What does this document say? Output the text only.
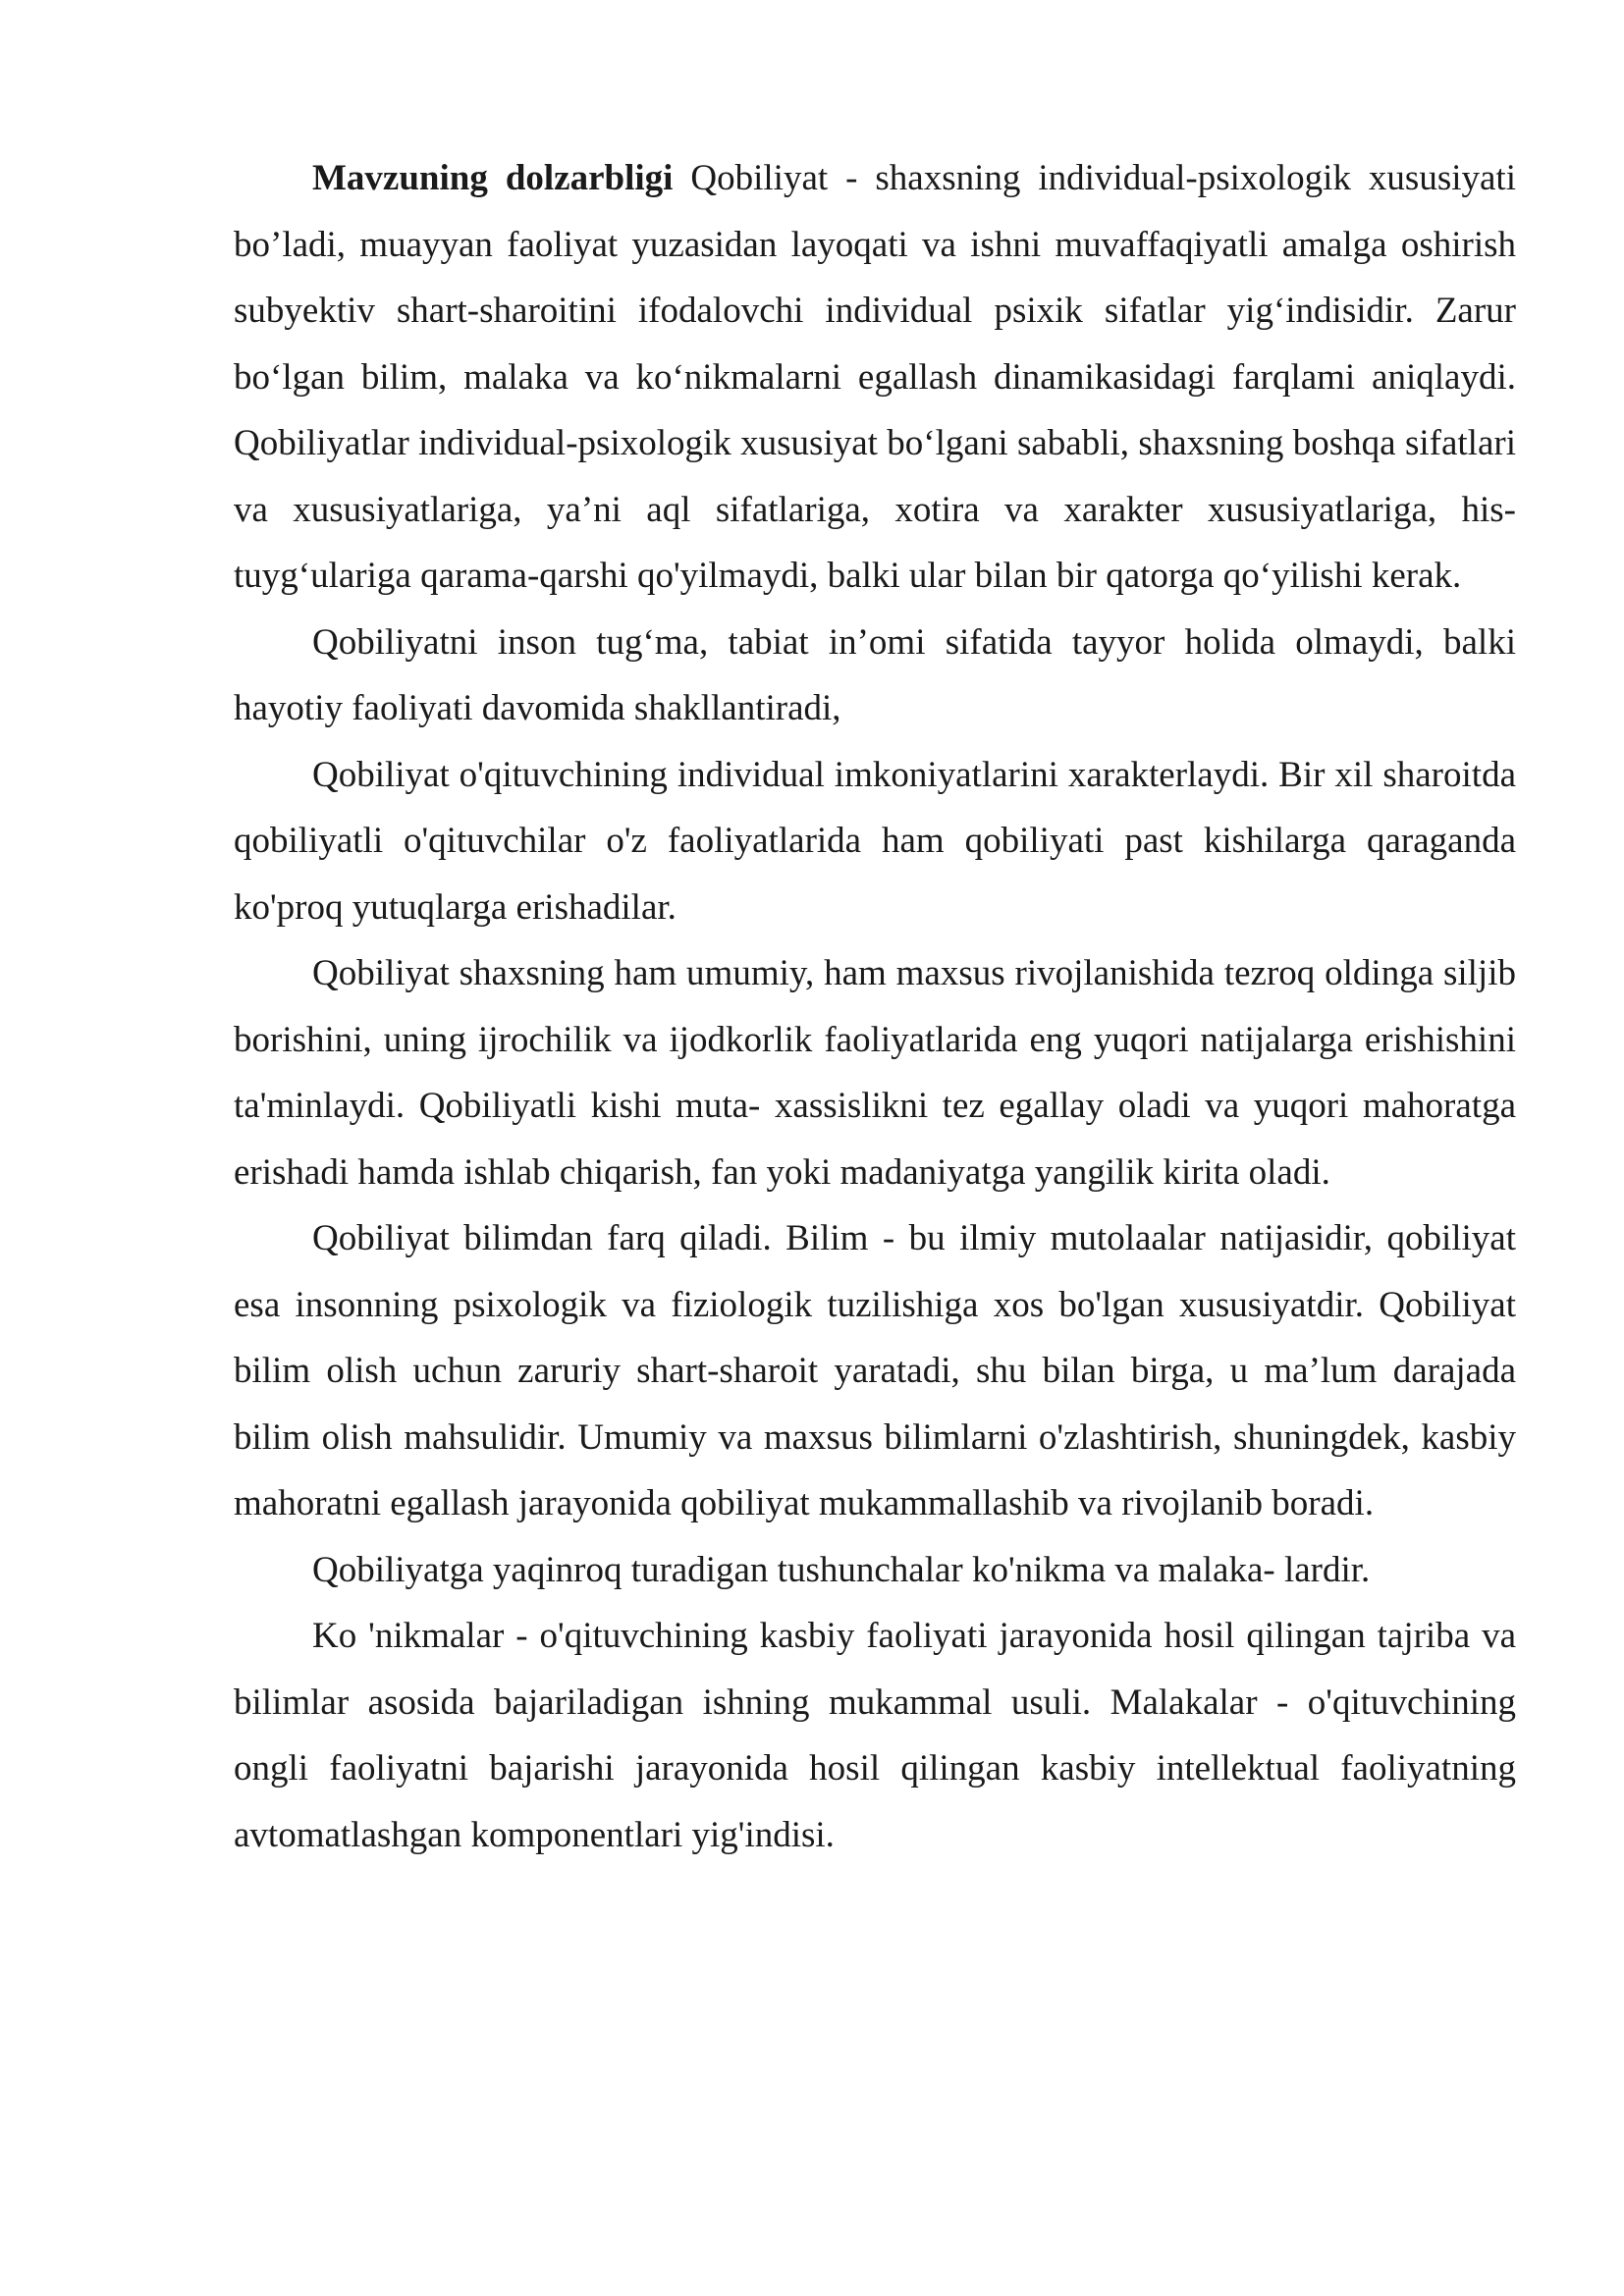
Mavzuning dolzarbligi Qobiliyat - shaxsning individual-psixologik xususiyati bo’ladi, muayyan faoliyat yuzasidan layoqati va ishni muvaffaqiyatli amalga oshirish subyektiv shart-sharoitini ifodalovchi individual psixik sifatlar yig‘indisidir. Zarur bo‘lgan bilim, malaka va ko‘nikmalarni egallash dinamikasidagi farqlami aniqlaydi. Qobiliyatlar individual-psixologik xususiyat bo‘lgani sababli, shaxsning boshqa sifatlari va xususiyatlariga, ya’ni aql sifatlariga, xotira va xarakter xususiyatlariga, his-tuyg‘ulariga qarama-qarshi qo'yilmaydi, balki ular bilan bir qatorga qo‘yilishi kerak.

Qobiliyatni inson tug‘ma, tabiat in’omi sifatida tayyor holida olmaydi, balki hayotiy faoliyati davomida shakllantiradi,

Qobiliyat o'qituvchining individual imkoniyatlarini xarakterlaydi. Bir xil sharoitda qobiliyatli o'qituvchilar o'z faoliyatlarida ham qobiliyati past kishilarga qaraganda ko'proq yutuqlarga erishadilar.

Qobiliyat shaxsning ham umumiy, ham maxsus rivojlanishida tezroq oldinga siljib borishini, uning ijrochilik va ijodkorlik faoliyatlarida eng yuqori natijalarga erishishini ta'minlaydi. Qobiliyatli kishi muta- xassislikni tez egallay oladi va yuqori mahoratga erishadi hamda ishlab chiqarish, fan yoki madaniyatga yangilik kirita oladi.

Qobiliyat bilimdan farq qiladi. Bilim - bu ilmiy mutolaalar natijasidir, qobiliyat esa insonning psixologik va fiziologik tuzilishiga xos bo'lgan xususiyatdir. Qobiliyat bilim olish uchun zaruriy shart-sharoit yaratadi, shu bilan birga, u ma’lum darajada bilim olish mahsulidir. Umumiy va maxsus bilimlarni o'zlashtirish, shuningdek, kasbiy mahoratni egallash jarayonida qobiliyat mukammallashib va rivojlanib boradi.

Qobiliyatga yaqinroq turadigan tushunchalar ko'nikma va malaka- lardir.

Ko 'nikmalar - o'qituvchining kasbiy faoliyati jarayonida hosil qilingan tajriba va bilimlar asosida bajariladigan ishning mukammal usuli. Malakalar - o'qituvchining ongli faoliyatni bajarishi jarayonida hosil qilingan kasbiy intellektual faoliyatning avtomatlashgan komponentlari yig'indisi.
